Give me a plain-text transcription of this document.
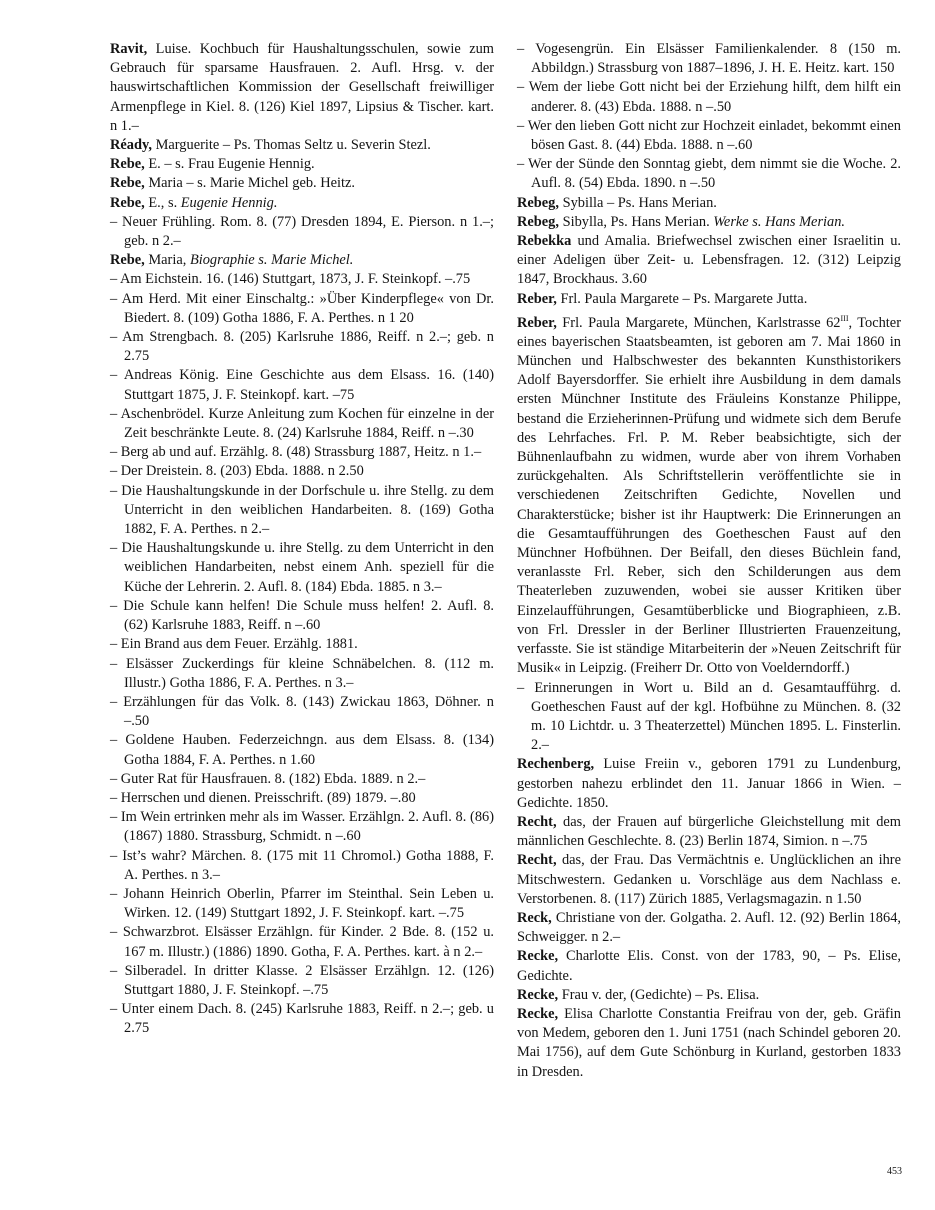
Ravit, Luise. Kochbuch für Haushaltungsschulen, sowie zum Gebrauch für sparsame Hausfrauen. 2. Aufl. Hrsg. v. der hauswirtschaftlichen Kommission der Gesellschaft freiwilliger Armenpflege in Kiel. 8. (126) Kiel 1897, Lipsius & Tischer. kart. n 1.–

Réady, Marguerite – Ps. Thomas Seltz u. Severin Stezl.

Rebe, E. – s. Frau Eugenie Hennig.

Rebe, Maria – s. Marie Michel geb. Heitz.

Rebe, E., s. Eugenie Hennig.

– Neuer Frühling. Rom. 8. (77) Dresden 1894, E. Pierson. n 1.–; geb. n 2.–

Rebe, Maria, Biographie s. Marie Michel.

– Am Eichstein. 16. (146) Stuttgart, 1873, J. F. Steinkopf. –.75

– Am Herd. Mit einer Einschaltg.: »Über Kinderpflege« von Dr. Biedert. 8. (109) Gotha 1886, F. A. Perthes. n 1 20

– Am Strengbach. 8. (205) Karlsruhe 1886, Reiff. n 2.–; geb. n 2.75

– Andreas König. Eine Geschichte aus dem Elsass. 16. (140) Stuttgart 1875, J. F. Steinkopf. kart. –75

– Aschenbrödel. Kurze Anleitung zum Kochen für einzelne in der Zeit beschränkte Leute. 8. (24) Karlsruhe 1884, Reiff. n –.30

– Berg ab und auf. Erzählg. 8. (48) Strassburg 1887, Heitz. n 1.–

– Der Dreistein. 8. (203) Ebda. 1888. n 2.50

– Die Haushaltungskunde in der Dorfschule u. ihre Stellg. zu dem Unterricht in den weiblichen Handarbeiten. 8. (169) Gotha 1882, F. A. Perthes. n 2.–

– Die Haushaltungskunde u. ihre Stellg. zu dem Unterricht in den weiblichen Handarbeiten, nebst einem Anh. speziell für die Küche der Lehrerin. 2. Aufl. 8. (184) Ebda. 1885. n 3.–

– Die Schule kann helfen! Die Schule muss helfen! 2. Aufl. 8. (62) Karlsruhe 1883, Reiff. n –.60

– Ein Brand aus dem Feuer. Erzählg. 1881.

– Elsässer Zuckerdings für kleine Schnäbelchen. 8. (112 m. Illustr.) Gotha 1886, F. A. Perthes. n 3.–

– Erzählungen für das Volk. 8. (143) Zwickau 1863, Döhner. n –.50

– Goldene Hauben. Federzeichngn. aus dem Elsass. 8. (134) Gotha 1884, F. A. Perthes. n 1.60

– Guter Rat für Hausfrauen. 8. (182) Ebda. 1889. n 2.–

– Herrschen und dienen. Preisschrift. (89) 1879. –.80

– Im Wein ertrinken mehr als im Wasser. Erzählgn. 2. Aufl. 8. (86) (1867) 1880. Strassburg, Schmidt. n –.60

– Ist’s wahr? Märchen. 8. (175 mit 11 Chromol.) Gotha 1888, F. A. Perthes. n 3.–

– Johann Heinrich Oberlin, Pfarrer im Steinthal. Sein Leben u. Wirken. 12. (149) Stuttgart 1892, J. F. Steinkopf. kart. –.75

– Schwarzbrot. Elsässer Erzählgn. für Kinder. 2 Bde. 8. (152 u. 167 m. Illustr.) (1886) 1890. Gotha, F. A. Perthes. kart. à n 2.–

– Silberadel. In dritter Klasse. 2 Elsässer Erzählgn. 12. (126) Stuttgart 1880, J. F. Steinkopf. –.75

– Unter einem Dach. 8. (245) Karlsruhe 1883, Reiff. n 2.–; geb. u 2.75

– Vogesengrün. Ein Elsässer Familienkalender. 8 (150 m. Abbildgn.) Strassburg von 1887–1896, J. H. E. Heitz. kart. 150

– Wem der liebe Gott nicht bei der Erziehung hilft, dem hilft ein anderer. 8. (43) Ebda. 1888. n –.50

– Wer den lieben Gott nicht zur Hochzeit einladet, bekommt einen bösen Gast. 8. (44) Ebda. 1888. n –.60

– Wer der Sünde den Sonntag giebt, dem nimmt sie die Woche. 2. Aufl. 8. (54) Ebda. 1890. n –.50

Rebeg, Sybilla – Ps. Hans Merian.

Rebeg, Sibylla, Ps. Hans Merian. Werke s. Hans Merian.

Rebekka und Amalia. Briefwechsel zwischen einer Israelitin u. einer Adeligen über Zeit- u. Lebensfragen. 12. (312) Leipzig 1847, Brockhaus. 3.60

Reber, Frl. Paula Margarete – Ps. Margarete Jutta.

Reber, Frl. Paula Margarete, München, Karlstrasse $62^{III}$, Tochter eines bayerischen Staatsbeamten, ist geboren am 7. Mai 1860 in München und Halbschwester des bekannten Kunsthistorikers Adolf Bayersdorffer. Sie erhielt ihre Ausbildung in dem damals ersten Münchner Institute des Fräuleins Konstanze Philippe, bestand die Erzieherinnen-Prüfung und widmete sich dem Berufe des Lehrfaches. Frl. P. M. Reber beabsichtigte, sich der Bühnenlaufbahn zu widmen, wurde aber von ihrem Vorhaben zurückgehalten. Als Schriftstellerin veröffentlichte sie in verschiedenen Zeitschriften Gedichte, Novellen und Charakterstücke; bisher ist ihr Hauptwerk: Die Erinnerungen an die Gesamtaufführungen des Goetheschen Faust auf den Münchner Hofbühnen. Der Beifall, den dieses Büchlein fand, veranlasste Frl. Reber, sich den Schilderungen aus dem Theaterleben zuzuwenden, wobei sie ausser Kritiken über Einzelaufführungen, Gesamtüberblicke und Biographieen, z.B. von Frl. Dressler in der Berliner Illustrierten Frauenzeitung, verfasste. Sie ist ständige Mitarbeiterin der »Neuen Zeitschrift für Musik« in Leipzig. (Freiherr Dr. Otto von Voelderndorff.)

– Erinnerungen in Wort u. Bild an d. Gesamtaufführg. d. Goetheschen Faust auf der kgl. Hofbühne zu München. 8. (32 m. 10 Lichtdr. u. 3 Theaterzettel) München 1895. L. Finsterlin. 2.–

Rechenberg, Luise Freiin v., geboren 1791 zu Lundenburg, gestorben nahezu erblindet den 11. Januar 1866 in Wien. – Gedichte. 1850.

Recht, das, der Frauen auf bürgerliche Gleichstellung mit dem männlichen Geschlechte. 8. (23) Berlin 1874, Simion. n –.75

Recht, das, der Frau. Das Vermächtnis e. Unglücklichen an ihre Mitschwestern. Gedanken u. Vorschläge aus dem Nachlass e. Verstorbenen. 8. (117) Zürich 1885, Verlagsmagazin. n 1.50

Reck, Christiane von der. Golgatha. 2. Aufl. 12. (92) Berlin 1864, Schweigger. n 2.–

Recke, Charlotte Elis. Const. von der 1783, 90, – Ps. Elise, Gedichte.

Recke, Frau v. der, (Gedichte) – Ps. Elisa.

Recke, Elisa Charlotte Constantia Freifrau von der, geb. Gräfin von Medem, geboren den 1. Juni 1751 (nach Schindel geboren 20. Mai 1756), auf dem Gute Schönburg in Kurland, gestorben 1833 in Dresden.

453
